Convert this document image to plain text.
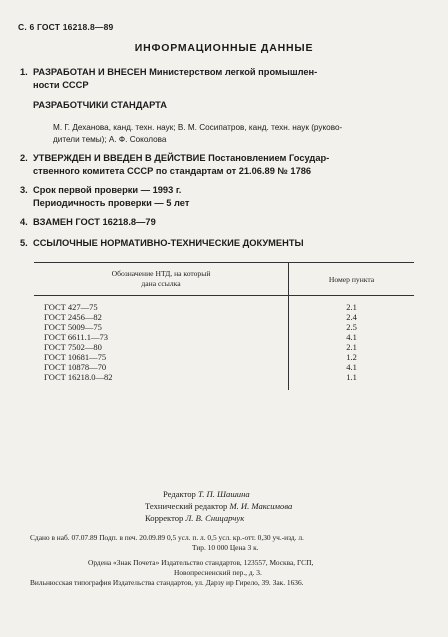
С. 6 ГОСТ 16218.8—89
ИНФОРМАЦИОННЫЕ ДАННЫЕ
1. РАЗРАБОТАН И ВНЕСЕН Министерством легкой промышлен-
ности СССР
РАЗРАБОТЧИКИ СТАНДАРТА
М. Г. Деханова, канд. техн. наук; В. М. Сосипатров, канд. техн. наук (руково-
дители темы); А. Ф. Соколова
2. УТВЕРЖДЕН И ВВЕДЕН В ДЕЙСТВИЕ Постановлением Государ-
ственного комитета СССР по стандартам от 21.06.89 № 1786
3. Срок первой проверки — 1993 г.
Периодичность проверки — 5 лет
4. ВЗАМЕН ГОСТ 16218.8—79
5. ССЫЛОЧНЫЕ НОРМАТИВНО-ТЕХНИЧЕСКИЕ ДОКУМЕНТЫ
Обозначение НТД, на который
дана ссылка	Номер пункта
ГОСТ 427—75	2.1
ГОСТ 2456—82	2.4
ГОСТ 5009—75	2.5
ГОСТ 6611.1—73	4.1
ГОСТ 7502—80	2.1
ГОСТ 10681—75	1.2
ГОСТ 10878—70	4.1
ГОСТ 16218.0—82	1.1
Редактор Т. П. Шашина
Технический редактор М. И. Максимова
Корректор Л. В. Сницарчук
Сдано в наб. 07.07.89 Подп. в печ. 20.09.89 0,5 усл. п. л. 0,5 усл. кр.-отт. 0,30 уч.-изд. л.
Тир. 10 000 Цена 3 к.
Ордена «Знак Почета» Издательство стандартов, 123557, Москва, ГСП,
Новопресненский пер., д. 3.
Вильнюсская типография Издательства стандартов, ул. Дарзу ир Гирело, 39. Зак. 1636.
